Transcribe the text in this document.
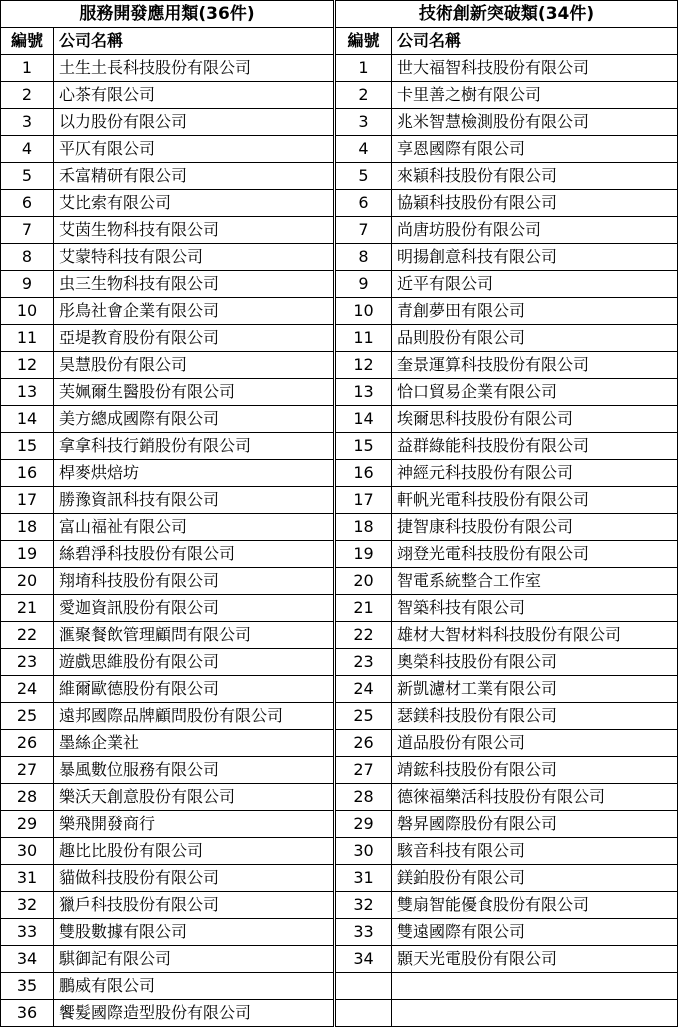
服務開發應用類(36件)			技術創新突破類(34件)	
編號	公司名稱		編號	公司名稱
1	土生土長科技股份有限公司		1	世大福智科技股份有限公司
2	心茶有限公司		2	卡里善之樹有限公司
3	以力股份有限公司		3	兆米智慧檢測股份有限公司
4	平仄有限公司		4	享恩國際有限公司
5	禾富精研有限公司		5	來穎科技股份有限公司
6	艾比索有限公司		6	協穎科技股份有限公司
7	艾茵生物科技有限公司		7	尚唐坊股份有限公司
8	艾蒙特科技有限公司		8	明揚創意科技有限公司
9	虫三生物科技有限公司		9	近平有限公司
10	彤鳥社會企業有限公司		10	青創夢田有限公司
11	亞堤教育股份有限公司		11	品則股份有限公司
12	昊慧股份有限公司		12	奎景運算科技股份有限公司
13	芙姵爾生醫股份有限公司		13	恰口貿易企業有限公司
14	美方總成國際有限公司		14	埃爾思科技股份有限公司
15	拿拿科技行銷股份有限公司		15	益群綠能科技股份有限公司
16	桿麥烘焙坊		16	神經元科技股份有限公司
17	勝豫資訊科技有限公司		17	軒帆光電科技股份有限公司
18	富山福祉有限公司		18	捷智康科技股份有限公司
19	絲碧淨科技股份有限公司		19	翊登光電科技股份有限公司
20	翔堉科技股份有限公司		20	智電系統整合工作室
21	愛迦資訊股份有限公司		21	智築科技有限公司
22	滙聚餐飲管理顧問有限公司		22	雄材大智材料科技股份有限公司
23	遊戲思維股份有限公司		23	奧榮科技股份有限公司
24	維爾歐德股份有限公司		24	新凱濾材工業有限公司
25	遠邦國際品牌顧問股份有限公司		25	瑟鎂科技股份有限公司
26	墨絲企業社		26	道品股份有限公司
27	暴風數位服務有限公司		27	靖鋐科技股份有限公司
28	樂沃天創意股份有限公司		28	德徠福樂活科技股份有限公司
29	樂飛開發商行		29	磐昇國際股份有限公司
30	趣比比股份有限公司		30	駭音科技有限公司
31	貓做科技股份有限公司		31	鎂鉑股份有限公司
32	獵戶科技股份有限公司		32	雙扇智能優食股份有限公司
33	雙股數據有限公司		33	雙遠國際有限公司
34	騏御記有限公司		34	顥天光電股份有限公司
35	鵬威有限公司			
36	饗髮國際造型股份有限公司			
